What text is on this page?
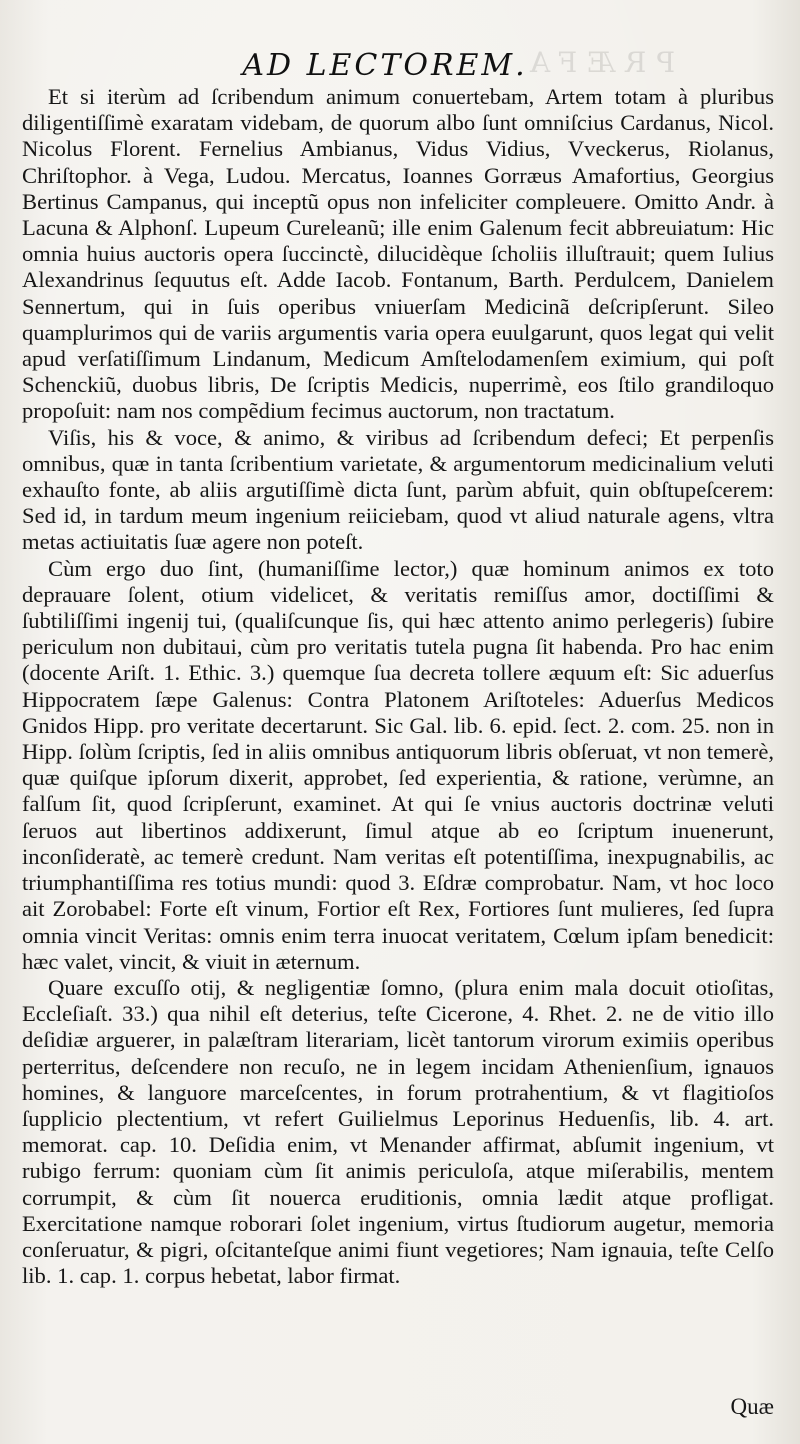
PRÆFA
AD LECTOREM.

Et si iterùm ad ſcribendum animum conuertebam, Artem totam à pluribus diligentiſſimè exaratam videbam, de quorum albo ſunt omniſcius Cardanus, Nicol. Nicolus Florent. Fernelius Ambianus, Vidus Vidius, Vveckerus, Riolanus, Chriſtophor. à Vega, Ludou. Mercatus, Ioannes Gorræus Amafortius, Georgius Bertinus Campanus, qui inceptũ opus non infeliciter compleuere. Omitto Andr. à Lacuna & Alphonſ. Lupeum Cureleanũ; ille enim Galenum fecit abbreuiatum: Hic omnia huius auctoris opera ſuccinctè, dilucidèque ſcholiis illuſtrauit; quem Iulius Alexandrinus ſequutus eſt. Adde Iacob. Fontanum, Barth. Perdulcem, Danielem Sennertum, qui in ſuis operibus vniuerſam Medicinã deſcripſerunt. Sileo quamplurimos qui de variis argumentis varia opera euulgarunt, quos legat qui velit apud verſatiſſimum Lindanum, Medicum Amſtelodamenſem eximium, qui poſt Schenckiũ, duobus libris, De ſcriptis Medicis, nuperrimè, eos ſtilo grandiloquo propoſuit: nam nos compẽdium fecimus auctorum, non tractatum.

Viſis, his & voce, & animo, & viribus ad ſcribendum defeci; Et perpenſis omnibus, quæ in tanta ſcribentium varietate, & argumentorum medicinalium veluti exhauſto fonte, ab aliis argutiſſimè dicta ſunt, parùm abfuit, quin obſtupeſcerem: Sed id, in tardum meum ingenium reiiciebam, quod vt aliud naturale agens, vltra metas actiuitatis ſuæ agere non poteſt.

Cùm ergo duo ſint, (humaniſſime lector,) quæ hominum animos ex toto deprauare ſolent, otium videlicet, & veritatis remiſſus amor, doctiſſimi & ſubtiliſſimi ingenij tui, (qualiſcunque ſis, qui hæc attento animo perlegeris) ſubire periculum non dubitaui, cùm pro veritatis tutela pugna ſit habenda. Pro hac enim (docente Ariſt. 1. Ethic. 3.) quemque ſua decreta tollere æquum eſt: Sic aduerſus Hippocratem ſæpe Galenus: Contra Platonem Ariſtoteles: Aduerſus Medicos Gnidos Hipp. pro veritate decertarunt. Sic Gal. lib. 6. epid. ſect. 2. com. 25. non in Hipp. ſolùm ſcriptis, ſed in aliis omnibus antiquorum libris obſeruat, vt non temerè, quæ quiſque ipſorum dixerit, approbet, ſed experientia, & ratione, verùmne, an falſum ſit, quod ſcripſerunt, examinet. At qui ſe vnius auctoris doctrinæ veluti ſeruos aut libertinos addixerunt, ſimul atque ab eo ſcriptum inuenerunt, inconſideratè, ac temerè credunt. Nam veritas eſt potentiſſima, inexpugnabilis, ac triumphantiſſima res totius mundi: quod 3. Eſdræ comprobatur. Nam, vt hoc loco ait Zorobabel: Forte eſt vinum, Fortior eſt Rex, Fortiores ſunt mulieres, ſed ſupra omnia vincit Veritas: omnis enim terra inuocat veritatem, Cœlum ipſam benedicit: hæc valet, vincit, & viuit in æternum.

Quare excuſſo otij, & negligentiæ ſomno, (plura enim mala docuit otioſitas, Eccleſiaſt. 33.) qua nihil eſt deterius, teſte Cicerone, 4. Rhet. 2. ne de vitio illo deſidiæ arguerer, in palæſtram literariam, licèt tantorum virorum eximiis operibus perterritus, deſcendere non recuſo, ne in legem incidam Athenienſium, ignauos homines, & languore marceſcentes, in forum protrahentium, & vt flagitioſos ſupplicio plectentium, vt refert Guilielmus Leporinus Heduenſis, lib. 4. art. memorat. cap. 10. Deſidia enim, vt Menander affirmat, abſumit ingenium, vt rubigo ferrum: quoniam cùm ſit animis periculoſa, atque miſerabilis, mentem corrumpit, & cùm ſit nouerca eruditionis, omnia lædit atque profligat. Exercitatione namque roborari ſolet ingenium, virtus ſtudiorum augetur, memoria conſeruatur, & pigri, oſcitanteſque animi fiunt vegetiores; Nam ignauia, teſte Celſo lib. 1. cap. 1. corpus hebetat, labor firmat.

Quæ
